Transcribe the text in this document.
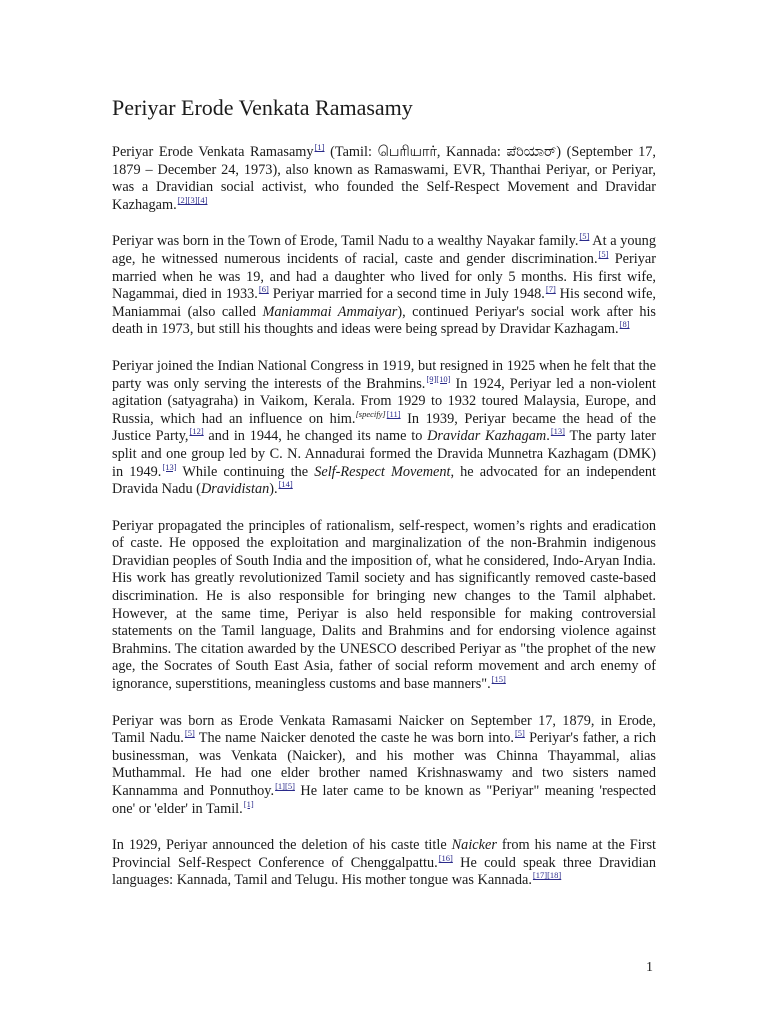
Periyar Erode Venkata Ramasamy

Periyar Erode Venkata Ramasamy[1] (Tamil: பெரியார், Kannada: ಪೆರಿಯಾರ್) (September 17, 1879 – December 24, 1973), also known as Ramaswami, EVR, Thanthai Periyar, or Periyar, was a Dravidian social activist, who founded the Self-Respect Movement and Dravidar Kazhagam.[2][3][4]

Periyar was born in the Town of Erode, Tamil Nadu to a wealthy Nayakar family.[5] At a young age, he witnessed numerous incidents of racial, caste and gender discrimination.[5] Periyar married when he was 19, and had a daughter who lived for only 5 months. His first wife, Nagammai, died in 1933.[6] Periyar married for a second time in July 1948.[7] His second wife, Maniammai (also called Maniammai Ammaiyar), continued Periyar's social work after his death in 1973, but still his thoughts and ideas were being spread by Dravidar Kazhagam.[8]

Periyar joined the Indian National Congress in 1919, but resigned in 1925 when he felt that the party was only serving the interests of the Brahmins.[9][10] In 1924, Periyar led a non-violent agitation (satyagraha) in Vaikom, Kerala. From 1929 to 1932 toured Malaysia, Europe, and Russia, which had an influence on him.[specify][11] In 1939, Periyar became the head of the Justice Party,[12] and in 1944, he changed its name to Dravidar Kazhagam.[13] The party later split and one group led by C. N. Annadurai formed the Dravida Munnetra Kazhagam (DMK) in 1949.[13] While continuing the Self-Respect Movement, he advocated for an independent Dravida Nadu (Dravidistan).[14]

Periyar propagated the principles of rationalism, self-respect, women’s rights and eradication of caste. He opposed the exploitation and marginalization of the non-Brahmin indigenous Dravidian peoples of South India and the imposition of, what he considered, Indo-Aryan India. His work has greatly revolutionized Tamil society and has significantly removed caste-based discrimination. He is also responsible for bringing new changes to the Tamil alphabet. However, at the same time, Periyar is also held responsible for making controversial statements on the Tamil language, Dalits and Brahmins and for endorsing violence against Brahmins. The citation awarded by the UNESCO described Periyar as "the prophet of the new age, the Socrates of South East Asia, father of social reform movement and arch enemy of ignorance, superstitions, meaningless customs and base manners".[15]

Periyar was born as Erode Venkata Ramasami Naicker on September 17, 1879, in Erode, Tamil Nadu.[5] The name Naicker denoted the caste he was born into.[5] Periyar's father, a rich businessman, was Venkata (Naicker), and his mother was Chinna Thayammal, alias Muthammal. He had one elder brother named Krishnaswamy and two sisters named Kannamma and Ponnuthoy.[1][5] He later came to be known as "Periyar" meaning 'respected one' or 'elder' in Tamil.[1]

In 1929, Periyar announced the deletion of his caste title Naicker from his name at the First Provincial Self-Respect Conference of Chenggalpattu.[16] He could speak three Dravidian languages: Kannada, Tamil and Telugu. His mother tongue was Kannada.[17][18]

1
